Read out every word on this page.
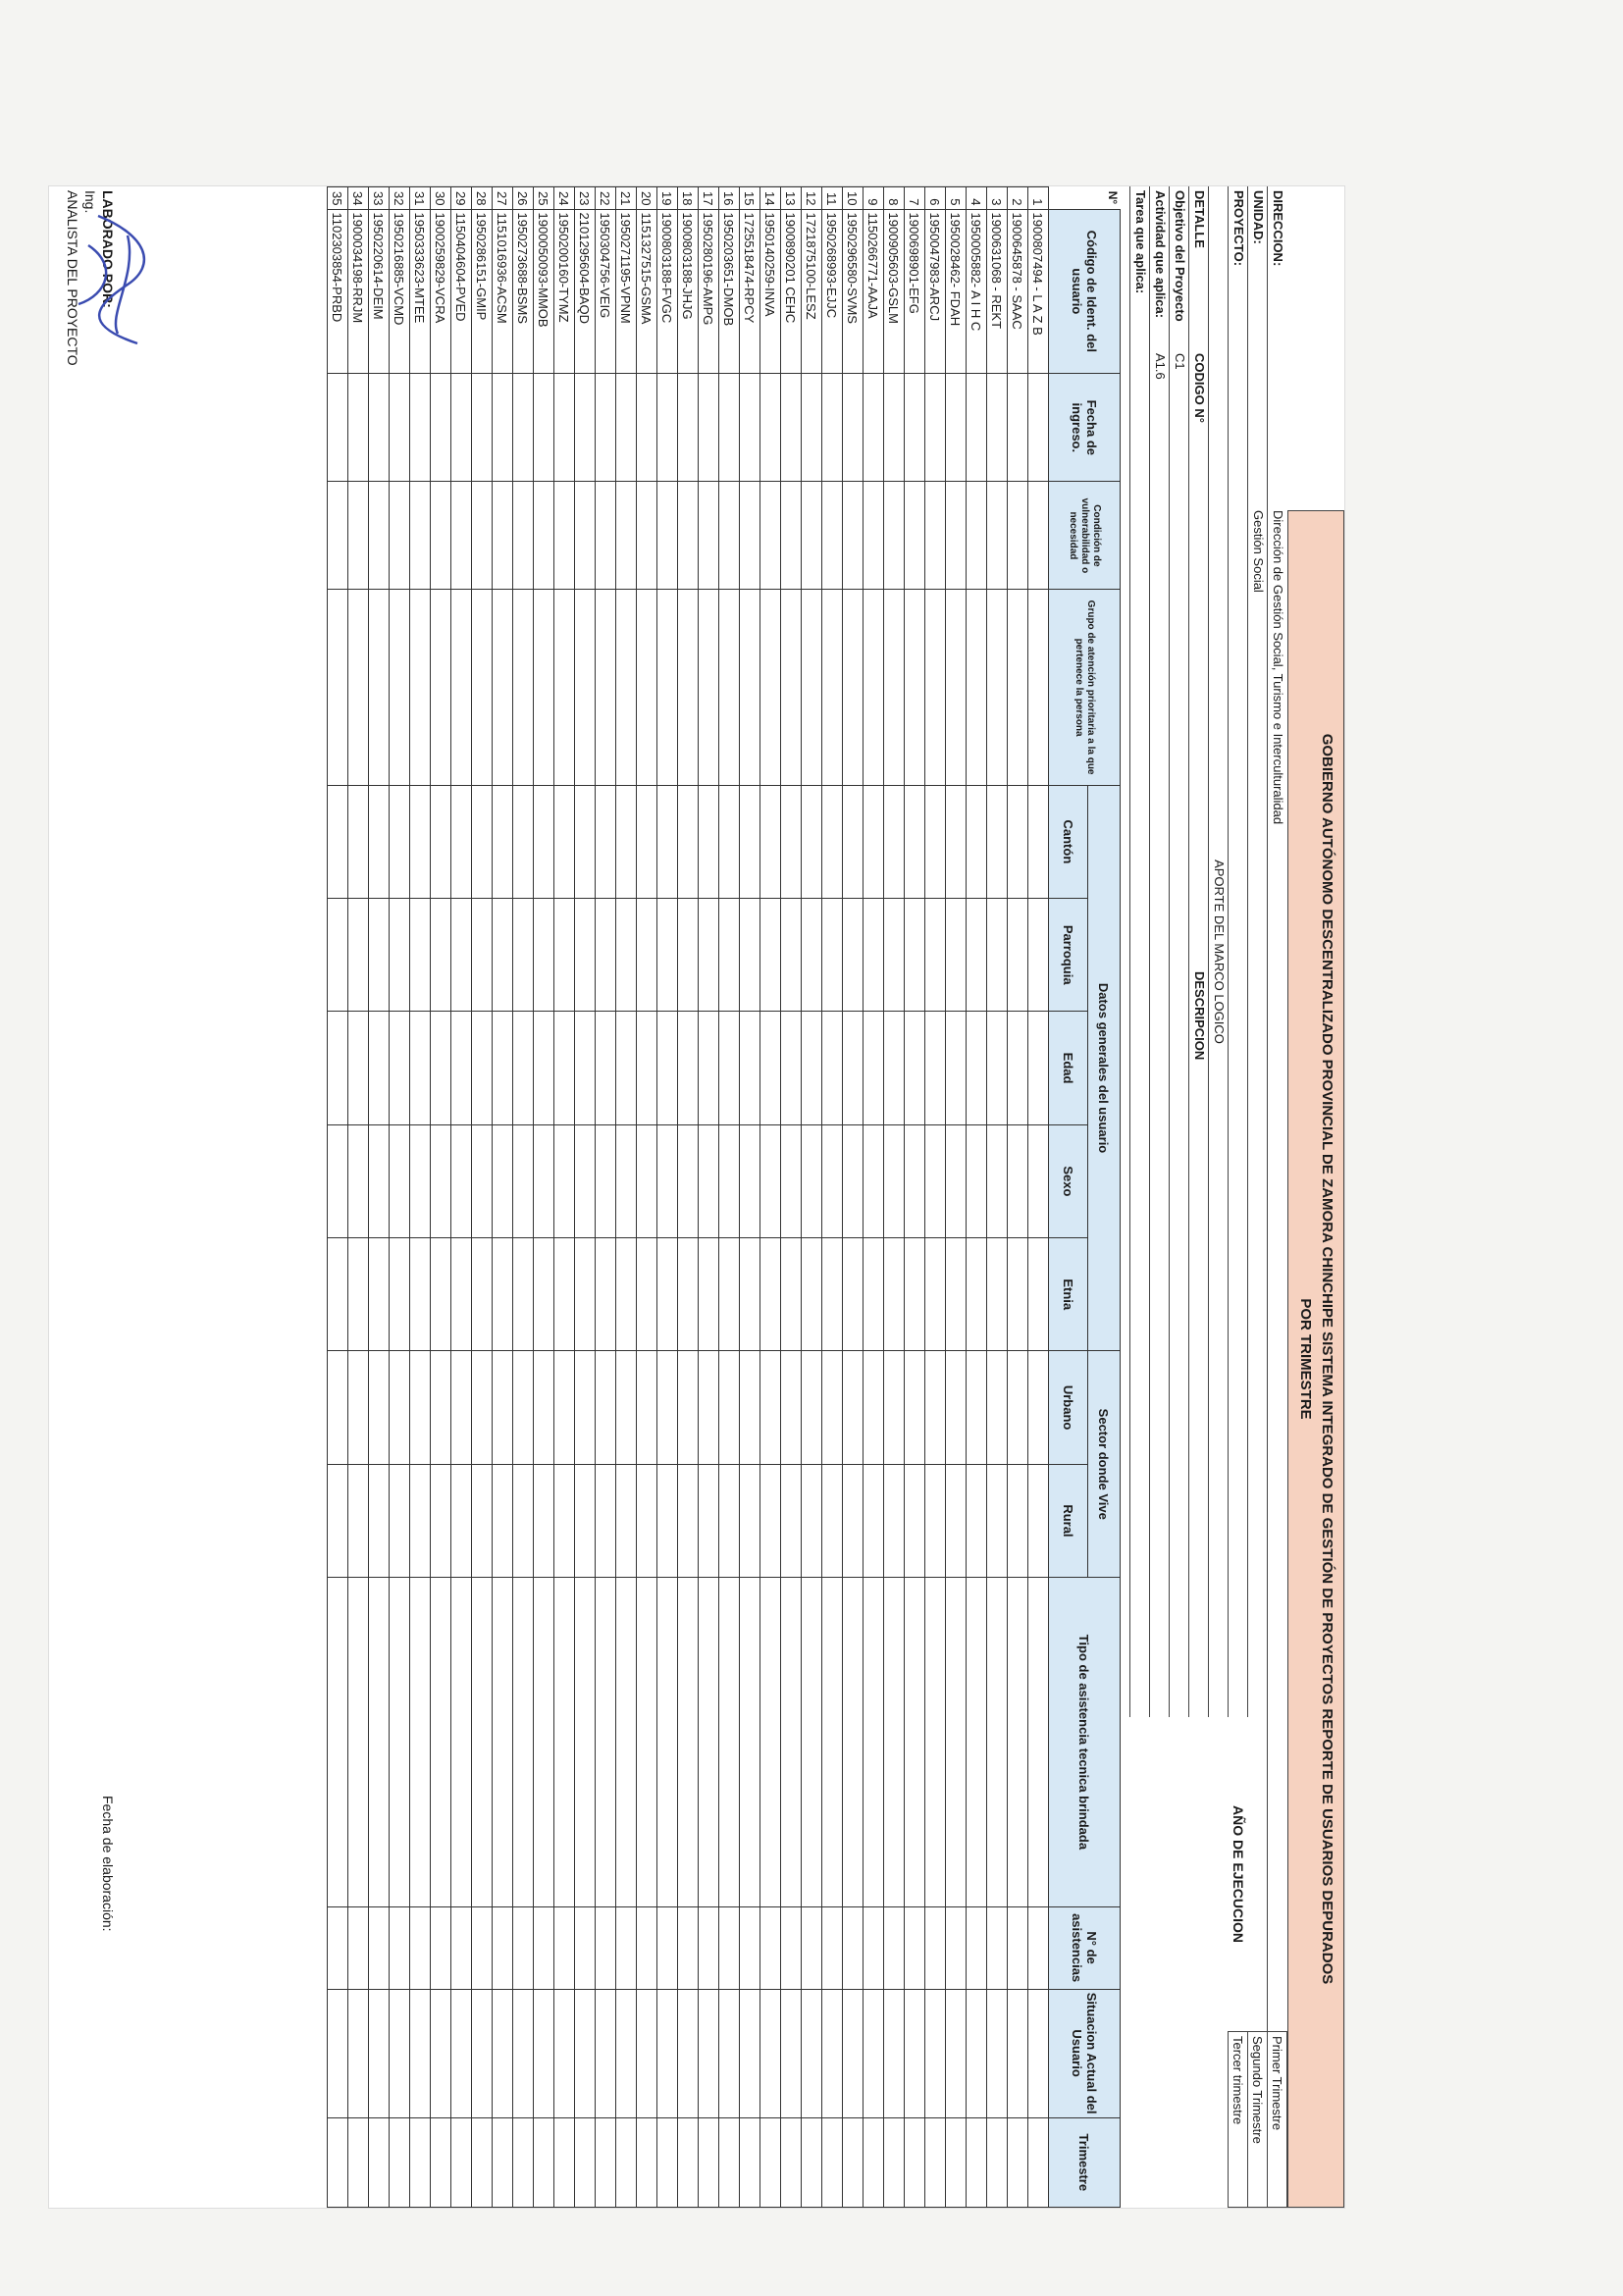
GOBIERNO AUTÓNOMO DESCENTRALIZADO PROVINCIAL DE ZAMORA CHINCHIPE SISTEMA INTEGRADO DE GESTIÓN DE PROYECTOS REPORTE DE USUARIOS DEPURADOS
POR TRIMESTRE
DIRECCION:
Dirección de Gestión Social, Turismo e Interculturalidad
UNIDAD:
Gestión Social
PROYECTO:
AÑO DE EJECUCION
APORTE DEL MARCO LOGICO
DETALLE
CODIGO N°
DESCRIPCION
Objetivo del Proyecto
C1
Primer Trimestre
Segundo Trimestre
Tercer trimestre
Actividad que aplica:
A1.6
Tarea que aplica:
N°	Código de Ident. del usuario	Fecha de ingreso.	Condición de vulnerabilidad o necesidad	Grupo de atención prioritaria a la que pertenece la persona	Datos generales del usuario					Sector donde Vive		Tipo de asistencia tecnica brindada	N° de asistencias	Situacion Actual del Usuario	Trimestre
					Cantón	Parroquia	Edad	Sexo	Etnia	Urbano	Rural				

1	1900807494 - L A Z B														
2	1900645878 - SAAC														
3	1900631068 - REKT														
4	1950005882- A I H C														
5	1950028462- FDAH														
6	1950047983-ARCJ														
7	1900698901-EFG														
8	1900905603-GSLM														
9	1150266771-AAJA														
10	1950296580-SVMS														
11	1950268993-EJJC														
12	1721875100-LESZ														
13	1900890201 CEHC														
14	1950140259-INVA														
15	1725518474-RPCY														
16	1950203651-DMOB														
17	1950280196-AMPG														
18	1900803188-JHJG														
19	1900803188-FVGC														
20	1151327515-GSMA														
21	1950271195-VPNM														
22	1950304756-VEIG														
23	2101295604-BAQD														
24	1950200160-TYMZ														
25	1900050093-MMOB														
26	1950273688-BSMS														
27	1151016936-ACSM														
28	1950286151-GMIP														
29	1150404604-PVED														
30	1900259829-VCRA														
31	1950333623-MTEE														
32	1950216885-VCMD														
33	1950220614-DEIM														
34	1900034198-RRJM														
35	1102303854-PRBD														
LABORADO POR:
Ing.
ANALISTA DEL PROYECTO
Fecha de elaboración:
